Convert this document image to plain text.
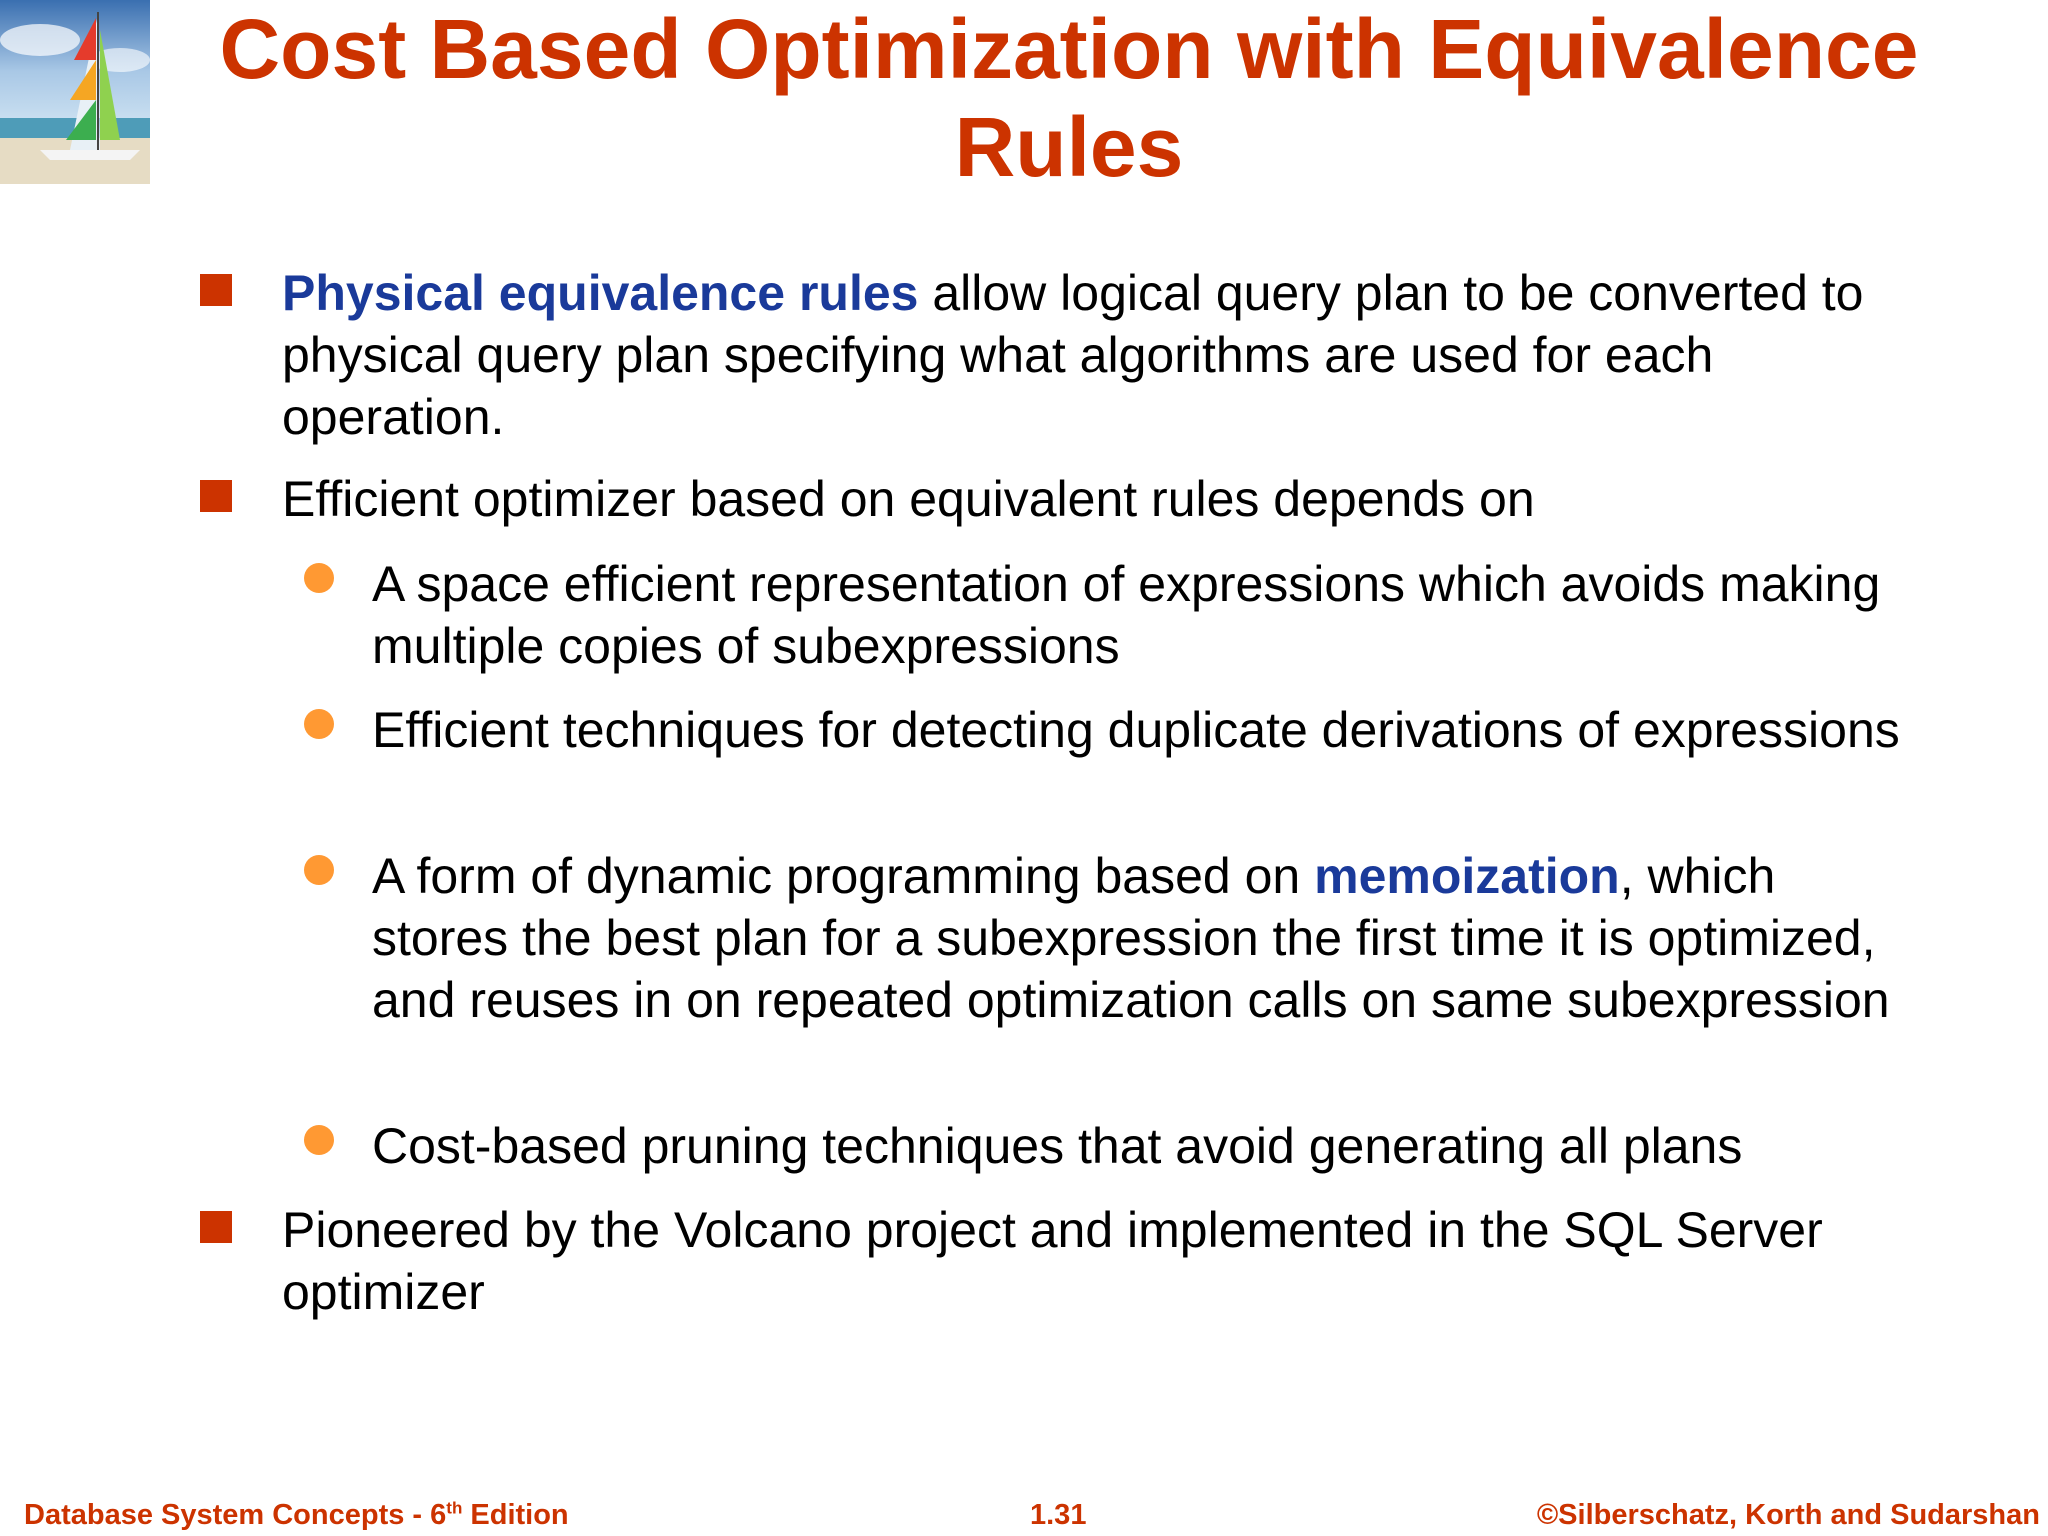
Cost Based Optimization with Equivalence Rules
Physical equivalence rules allow logical query plan to be converted to physical query plan specifying what algorithms are used for each operation.
Efficient optimizer based on equivalent rules depends on
A space efficient representation of expressions which avoids making multiple copies of subexpressions
Efficient techniques for detecting duplicate derivations of expressions
A form of dynamic programming based on memoization, which stores the best plan for a subexpression the first time it is optimized, and reuses in on repeated optimization calls on same subexpression
Cost-based pruning techniques that avoid generating all plans
Pioneered by the Volcano project and implemented in the SQL Server optimizer
Database System Concepts - 6th Edition	1.31	©Silberschatz, Korth and Sudarshan
